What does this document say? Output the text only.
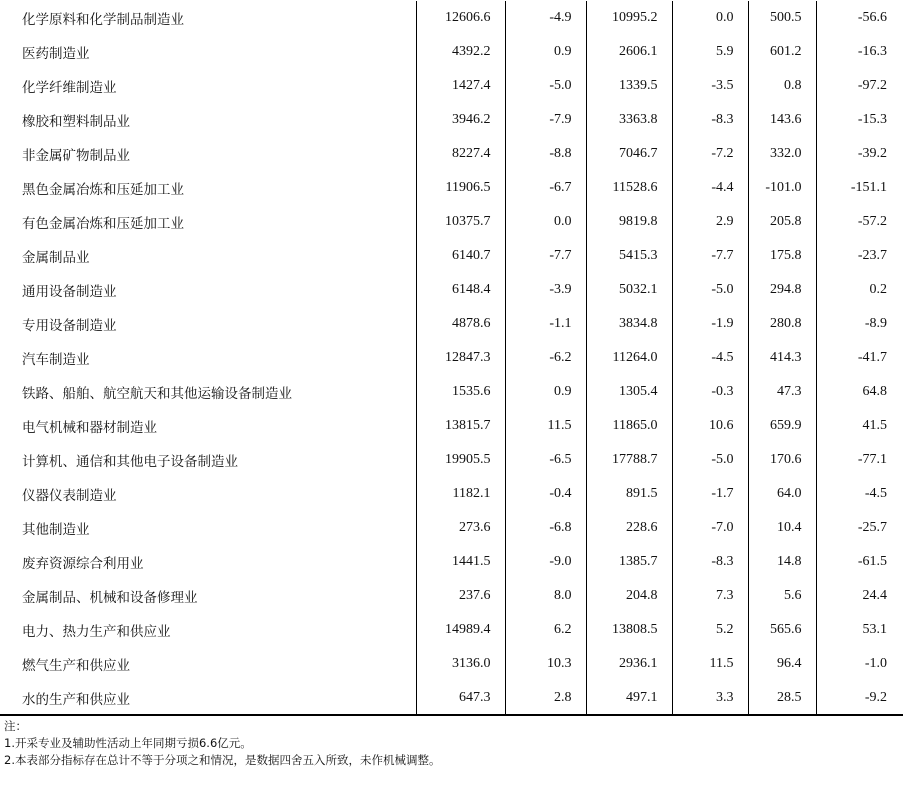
化学原料和化学制品制造业	12606.6	-4.9	10995.2	0.0	500.5	-56.6
医药制造业	4392.2	0.9	2606.1	5.9	601.2	-16.3
化学纤维制造业	1427.4	-5.0	1339.5	-3.5	0.8	-97.2
橡胶和塑料制品业	3946.2	-7.9	3363.8	-8.3	143.6	-15.3
非金属矿物制品业	8227.4	-8.8	7046.7	-7.2	332.0	-39.2
黑色金属冶炼和压延加工业	11906.5	-6.7	11528.6	-4.4	-101.0	-151.1
有色金属冶炼和压延加工业	10375.7	0.0	9819.8	2.9	205.8	-57.2
金属制品业	6140.7	-7.7	5415.3	-7.7	175.8	-23.7
通用设备制造业	6148.4	-3.9	5032.1	-5.0	294.8	0.2
专用设备制造业	4878.6	-1.1	3834.8	-1.9	280.8	-8.9
汽车制造业	12847.3	-6.2	11264.0	-4.5	414.3	-41.7
铁路、船舶、航空航天和其他运输设备制造业	1535.6	0.9	1305.4	-0.3	47.3	64.8
电气机械和器材制造业	13815.7	11.5	11865.0	10.6	659.9	41.5
计算机、通信和其他电子设备制造业	19905.5	-6.5	17788.7	-5.0	170.6	-77.1
仪器仪表制造业	1182.1	-0.4	891.5	-1.7	64.0	-4.5
其他制造业	273.6	-6.8	228.6	-7.0	10.4	-25.7
废弃资源综合利用业	1441.5	-9.0	1385.7	-8.3	14.8	-61.5
金属制品、机械和设备修理业	237.6	8.0	204.8	7.3	5.6	24.4
电力、热力生产和供应业	14989.4	6.2	13808.5	5.2	565.6	53.1
燃气生产和供应业	3136.0	10.3	2936.1	11.5	96.4	-1.0
水的生产和供应业	647.3	2.8	497.1	3.3	28.5	-9.2
注：
1.开采专业及辅助性活动上年同期亏损6.6亿元。
2.本表部分指标存在总计不等于分项之和情况，是数据四舍五入所致，未作机械调整。
